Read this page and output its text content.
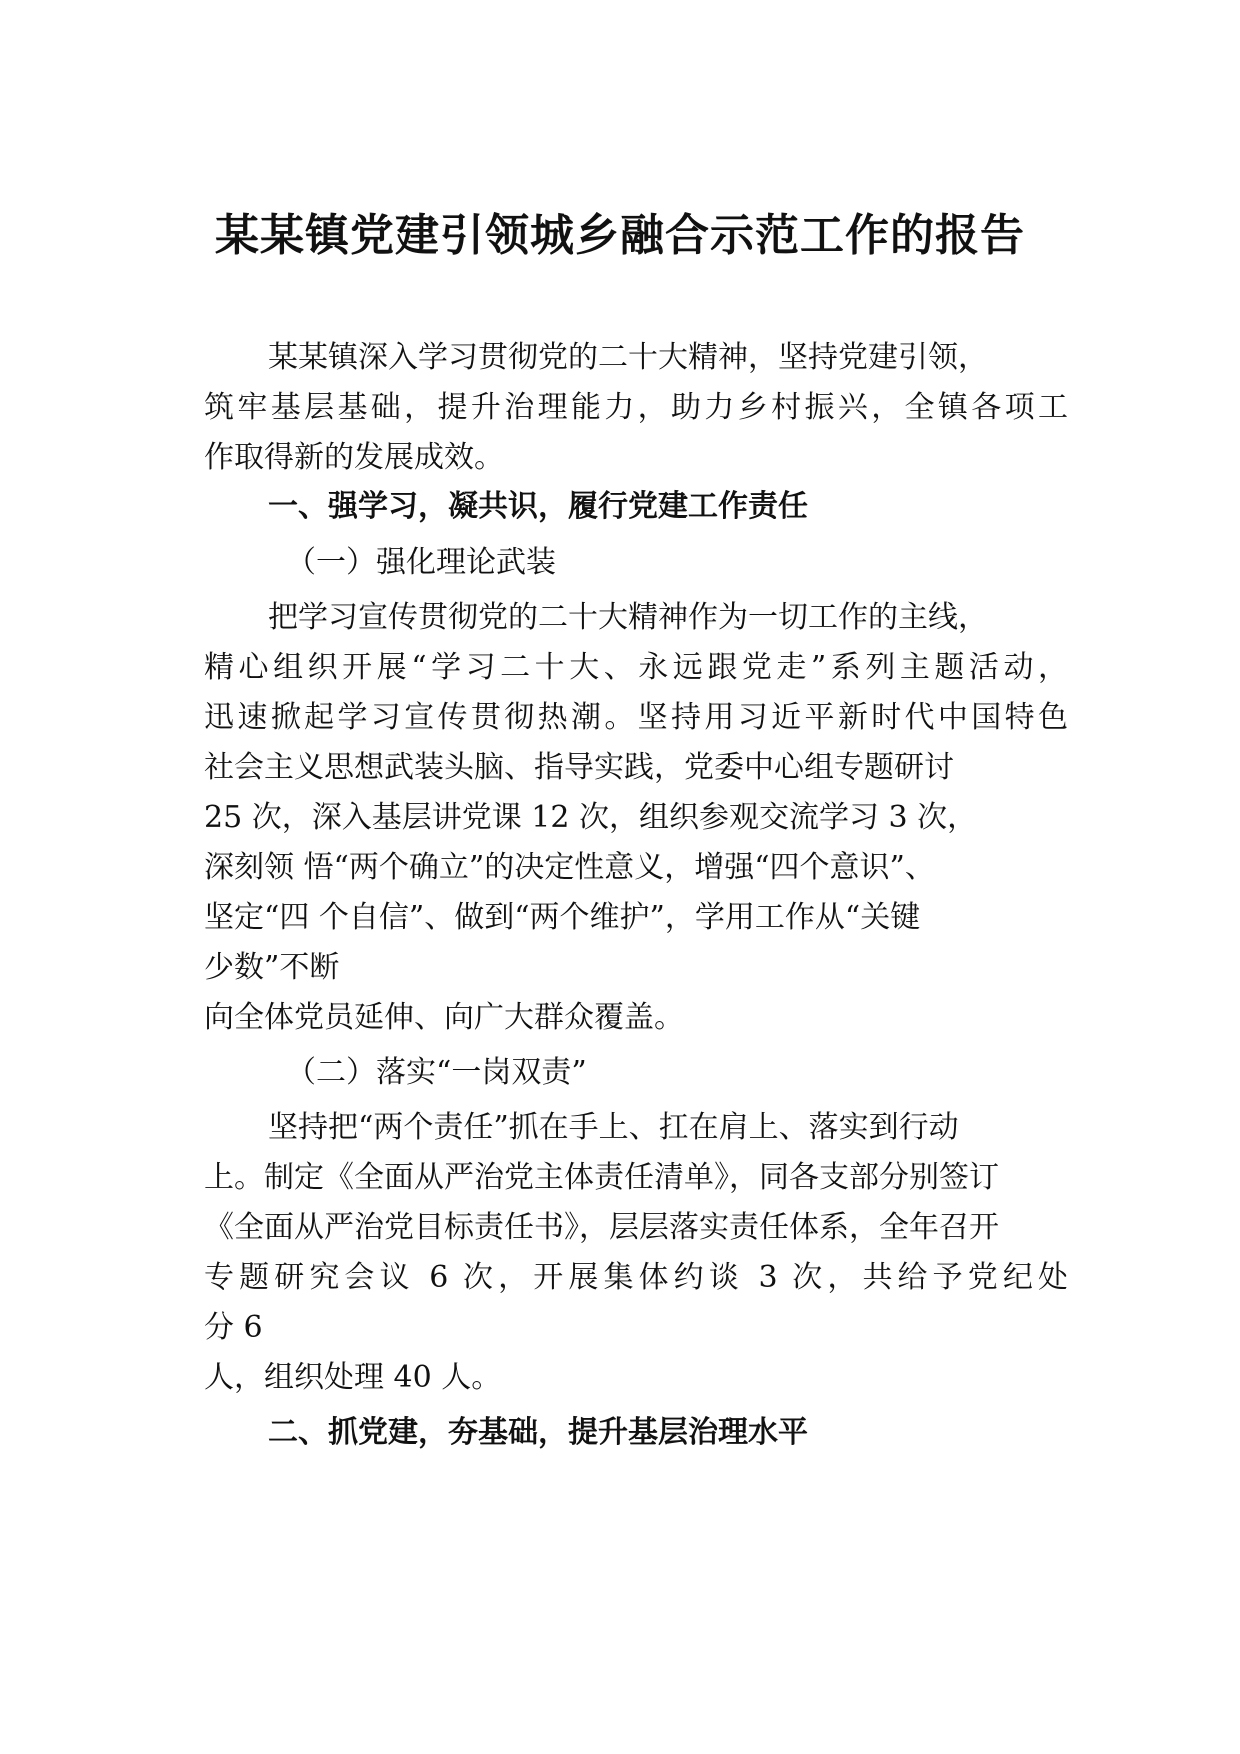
某某镇党建引领城乡融合示范工作的报告

某某镇深入学习贯彻党的二十大精神，坚持党建引领，

筑牢基层基础，提升治理能力，助力乡村振兴，全镇各项工

作取得新的发展成效。

一、强学习，凝共识，履行党建工作责任

（一）强化理论武装

把学习宣传贯彻党的二十大精神作为一切工作的主线，

精心组织开展“学习二十大、永远跟党走”系列主题活动，

迅速掀起学习宣传贯彻热潮。坚持用习近平新时代中国特色

社会主义思想武装头脑、指导实践，党委中心组专题研讨

25 次，深入基层讲党课 12 次，组织参观交流学习 3 次，

深刻领 悟“两个确立”的决定性意义，增强“四个意识”、

坚定“四 个自信”、做到“两个维护”，学用工作从“关键

少数”不断

向全体党员延伸、向广大群众覆盖。

（二）落实“一岗双责”

坚持把“两个责任”抓在手上、扛在肩上、落实到行动

上。制定《全面从严治党主体责任清单》，同各支部分别签订

《全面从严治党目标责任书》，层层落实责任体系，全年召开

专题研究会议 6 次，开展集体约谈 3 次，共给予党纪处

分 6

人，组织处理 40 人。

二、抓党建，夯基础，提升基层治理水平
